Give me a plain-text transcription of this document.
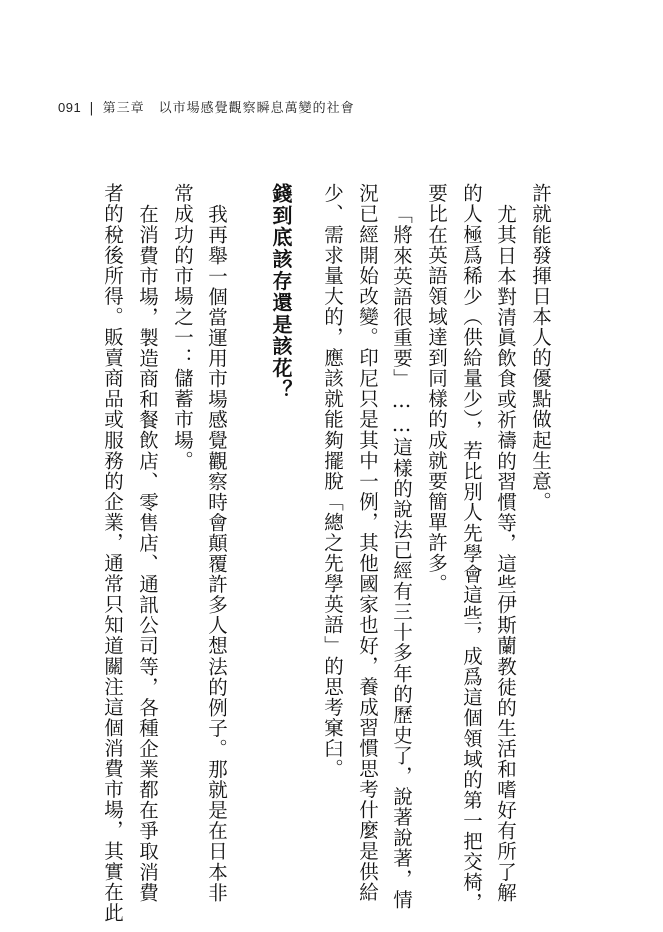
091 | 第三章　以市場感覺觀察瞬息萬變的社會
許就能發揮日本人的優點做起生意。
尤其日本對清眞飲食或祈禱的習慣等，這些伊斯蘭教徒的生活和嗜好有所了解
的人極爲稀少（供給量少），若比別人先學會這些，成爲這個領域的第一把交椅，
要比在英語領域達到同樣的成就要簡單許多。
「將來英語很重要」……這樣的說法已經有三十多年的歷史了，說著說著，情
況已經開始改變。印尼只是其中一例，其他國家也好，養成習慣思考什麼是供給
少、需求量大的，應該就能夠擺脫「總之先學英語」的思考窠臼。
錢到底該存還是該花？
我再舉一個當運用市場感覺觀察時會顛覆許多人想法的例子。那就是在日本非
常成功的市場之一：儲蓄市場。
在消費市場，製造商和餐飲店、零售店、通訊公司等，各種企業都在爭取消費
者的稅後所得。販賣商品或服務的企業，通常只知道關注這個消費市場，其實在此
